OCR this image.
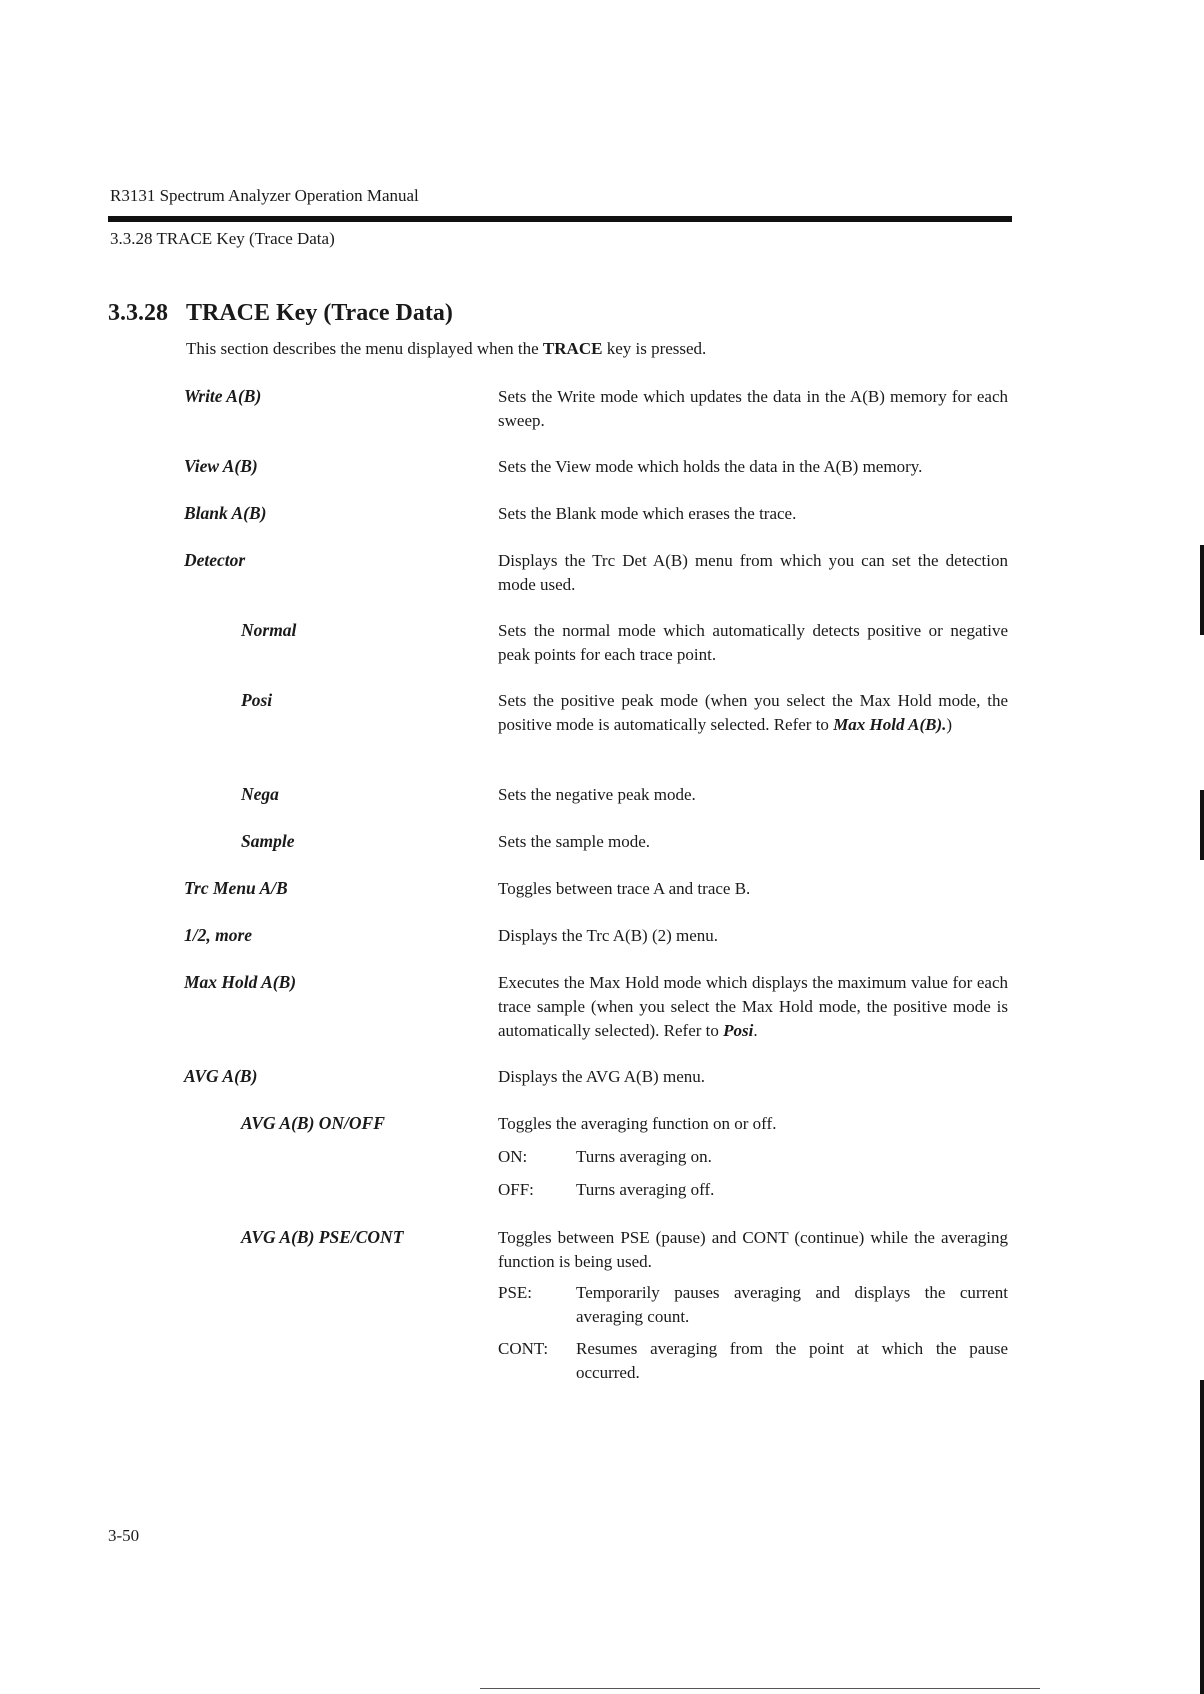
R3131 Spectrum Analyzer Operation Manual
3.3.28 TRACE Key (Trace Data)
3.3.28 TRACE Key (Trace Data)
This section describes the menu displayed when the TRACE key is pressed.
Write A(B)	Sets the Write mode which updates the data in the A(B) memory for each sweep.
View A(B)	Sets the View mode which holds the data in the A(B) memory.
Blank A(B)	Sets the Blank mode which erases the trace.
Detector	Displays the Trc Det A(B) menu from which you can set the detection mode used.
Normal	Sets the normal mode which automatically detects positive or negative peak points for each trace point.
Posi	Sets the positive peak mode (when you select the Max Hold mode, the positive mode is automatically selected. Refer to Max Hold A(B).)
Nega	Sets the negative peak mode.
Sample	Sets the sample mode.
Trc Menu A/B	Toggles between trace A and trace B.
1/2, more	Displays the Trc A(B) (2) menu.
Max Hold A(B)	Executes the Max Hold mode which displays the maximum value for each trace sample (when you select the Max Hold mode, the positive mode is automatically selected). Refer to Posi.
AVG A(B)	Displays the AVG A(B) menu.
AVG A(B) ON/OFF	Toggles the averaging function on or off.
ON:	Turns averaging on.
OFF: Turns averaging off.
AVG A(B) PSE/CONT	Toggles between PSE (pause) and CONT (continue) while the averaging function is being used.
PSE:	Temporarily pauses averaging and displays the current averaging count.
CONT: Resumes averaging from the point at which the pause occurred.
3-50
